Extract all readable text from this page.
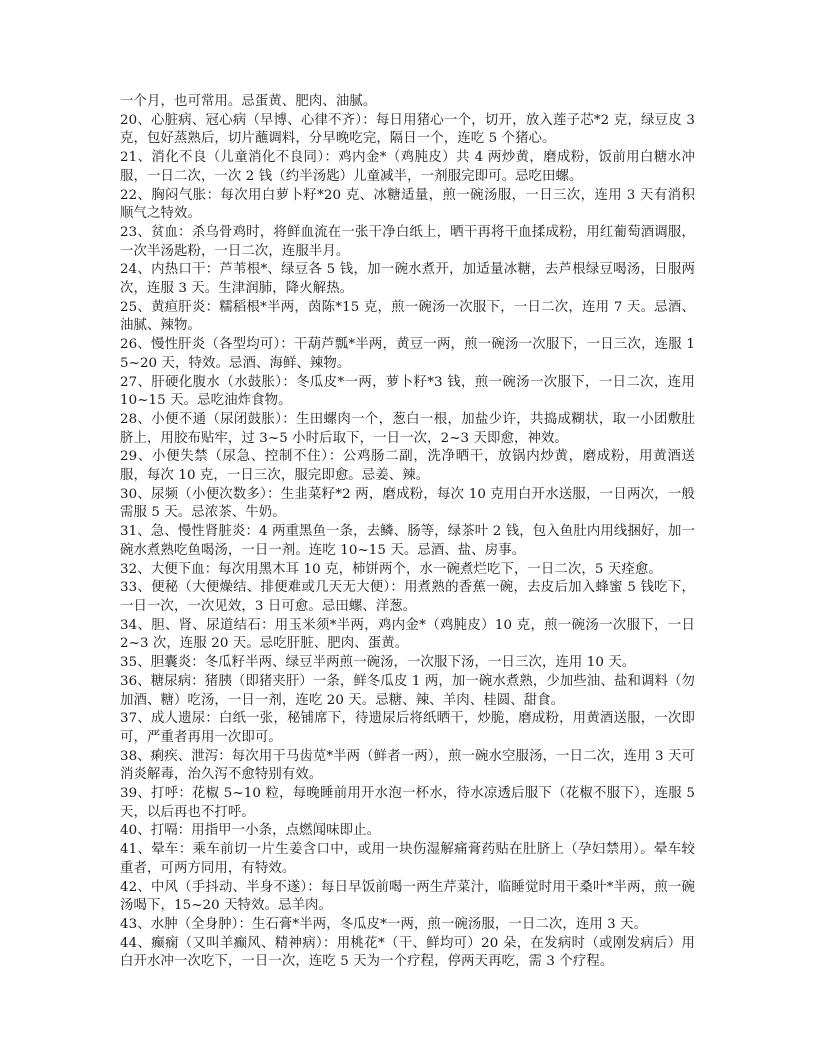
一个月，也可常用。忌蛋黄、肥肉、油腻。

20、心脏病、冠心病（早博、心律不齐）：每日用猪心一个，切开，放入莲子芯*2 克，绿豆皮 3 克，包好蒸熟后，切片蘸调料，分早晚吃完，隔日一个，连吃 5 个猪心。

21、消化不良（儿童消化不良同）：鸡内金*（鸡肫皮）共 4 两炒黄，磨成粉，饭前用白糖水冲服，一日二次，一次 2 钱（约半汤匙）儿童减半，一剂服完即可。忌吃田螺。

22、胸闷气胀：每次用白萝卜籽*20 克、冰糖适量，煎一碗汤服，一日三次，连用 3 天有消积顺气之特效。

23、贫血：杀乌骨鸡时，将鲜血流在一张干净白纸上，晒干再将干血揉成粉，用红葡萄酒调服，一次半汤匙粉，一日二次，连服半月。

24、内热口干：芦苇根*、绿豆各 5 钱，加一碗水煮开，加适量冰糖，去芦根绿豆喝汤，日服两次，连服 3 天。生津润肺，降火解热。

25、黄疸肝炎：糯稻根*半两，茵陈*15 克，煎一碗汤一次服下，一日二次，连用 7 天。忌酒、油腻、辣物。

26、慢性肝炎（各型均可）：干葫芦瓢*半两，黄豆一两，煎一碗汤一次服下，一日三次，连服 15~20 天，特效。忌酒、海鲜、辣物。

27、肝硬化腹水（水鼓胀）：冬瓜皮*一两，萝卜籽*3 钱，煎一碗汤一次服下，一日二次，连用 10~15 天。忌吃油炸食物。

28、小便不通（尿闭鼓胀）：生田螺肉一个，葱白一根，加盐少许，共捣成糊状，取一小团敷肚脐上，用胶布贴牢，过 3~5 小时后取下，一日一次，2~3 天即愈，神效。

29、小便失禁（尿急、控制不住）：公鸡肠二副，洗净晒干，放锅内炒黄，磨成粉，用黄酒送服，每次 10 克，一日三次，服完即愈。忌姜、辣。

30、尿频（小便次数多）：生韭菜籽*2 两，磨成粉，每次 10 克用白开水送服，一日两次，一般需服 5 天。忌浓茶、牛奶。

31、急、慢性肾脏炎：4 两重黑鱼一条，去鳞、肠等，绿茶叶 2 钱，包入鱼肚内用线捆好，加一碗水煮熟吃鱼喝汤，一日一剂。连吃 10~15 天。忌酒、盐、房事。

32、大便下血：每次用黑木耳 10 克，柿饼两个，水一碗煮烂吃下，一日二次，5 天痊愈。

33、便秘（大便燥结、排便难或几天无大便）：用煮熟的香蕉一碗，去皮后加入蜂蜜 5 钱吃下，一日一次，一次见效，3 日可愈。忌田螺、洋葱。

34、胆、肾、尿道结石：用玉米须*半两，鸡内金*（鸡肫皮）10 克，煎一碗汤一次服下，一日 2~3 次，连服 20 天。忌吃肝脏、肥肉、蛋黄。

35、胆囊炎：冬瓜籽半两、绿豆半两煎一碗汤，一次服下汤，一日三次，连用 10 天。

36、糖尿病：猪胰（即猪夹肝）一条，鲜冬瓜皮 1 两，加一碗水煮熟，少加些油、盐和调料（勿加酒、糖）吃汤，一日一剂，连吃 20 天。忌糖、辣、羊肉、桂圆、甜食。

37、成人遗尿：白纸一张，秘铺席下，待遗尿后将纸晒干，炒脆，磨成粉，用黄酒送服，一次即可，严重者再用一次即可。

38、痢疾、泄泻：每次用干马齿苋*半两（鲜者一两），煎一碗水空服汤，一日二次，连用 3 天可消炎解毒，治久泻不愈特别有效。

39、打呼：花椒 5~10 粒，每晚睡前用开水泡一杯水，待水凉透后服下（花椒不服下），连服 5 天，以后再也不打呼。

40、打嗝：用指甲一小条，点燃闻味即止。

41、晕车：乘车前切一片生姜含口中，或用一块伤湿解痛膏药贴在肚脐上（孕妇禁用）。晕车较重者，可两方同用，有特效。

42、中风（手抖动、半身不遂）：每日早饭前喝一两生芹菜汁，临睡觉时用干桑叶*半两，煎一碗汤喝下，15~20 天特效。忌羊肉。

43、水肿（全身肿）：生石膏*半两，冬瓜皮*一两，煎一碗汤服，一日二次，连用 3 天。

44、癫痫（又叫羊癫风、精神病）：用桃花*（干、鲜均可）20 朵，在发病时（或刚发病后）用白开水冲一次吃下，一日一次，连吃 5 天为一个疗程，停两天再吃，需 3 个疗程。
